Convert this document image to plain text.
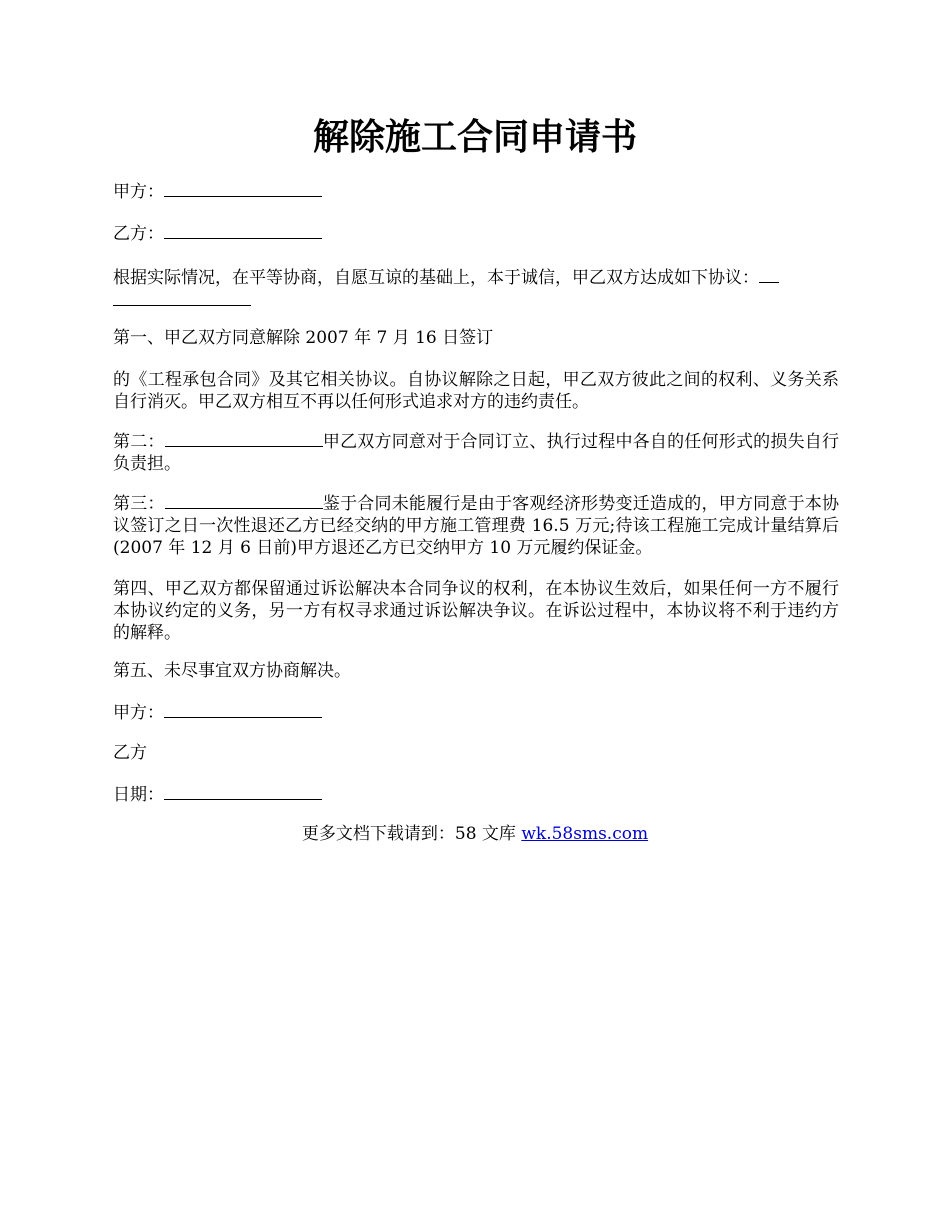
解除施工合同申请书

甲方：

乙方：

根据实际情况，在平等协商，自愿互谅的基础上，本于诚信，甲乙双方达成如下协议：

第一、甲乙双方同意解除 2007 年 7 月 16 日签订

的《工程承包合同》及其它相关协议。自协议解除之日起，甲乙双方彼此之间的权利、义务关系自行消灭。甲乙双方相互不再以任何形式追求对方的违约责任。

第二：	甲乙双方同意对于合同订立、执行过程中各自的任何形式的损失自行负责担。

第三：	鉴于合同未能履行是由于客观经济形势变迁造成的，甲方同意于本协议签订之日一次性退还乙方已经交纳的甲方施工管理费 16.5 万元;待该工程施工完成计量结算后(2007 年 12 月 6 日前)甲方退还乙方已交纳甲方 10 万元履约保证金。

第四、甲乙双方都保留通过诉讼解决本合同争议的权利，在本协议生效后，如果任何一方不履行本协议约定的义务，另一方有权寻求通过诉讼解决争议。在诉讼过程中，本协议将不利于违约方的解释。

第五、未尽事宜双方协商解决。

甲方：

乙方

日期：

更多文档下载请到：58 文库 wk.58sms.com
